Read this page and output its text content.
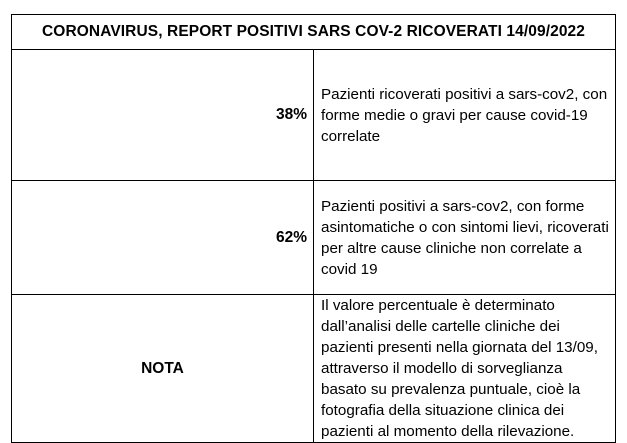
CORONAVIRUS, REPORT POSITIVI SARS COV-2 RICOVERATI 14/09/2022	
38%	Pazienti ricoverati positivi a sars-cov2, con forme medie o gravi per cause covid-19 correlate
62%	Pazienti positivi a sars-cov2, con forme asintomatiche o con sintomi lievi, ricoverati per altre cause cliniche non correlate a covid 19
NOTA	Il valore percentuale è determinato dall’analisi delle cartelle cliniche dei pazienti presenti nella giornata del 13/09, attraverso il modello di sorveglianza basato su prevalenza puntuale, cioè la fotografia della situazione clinica dei pazienti al momento della rilevazione.
